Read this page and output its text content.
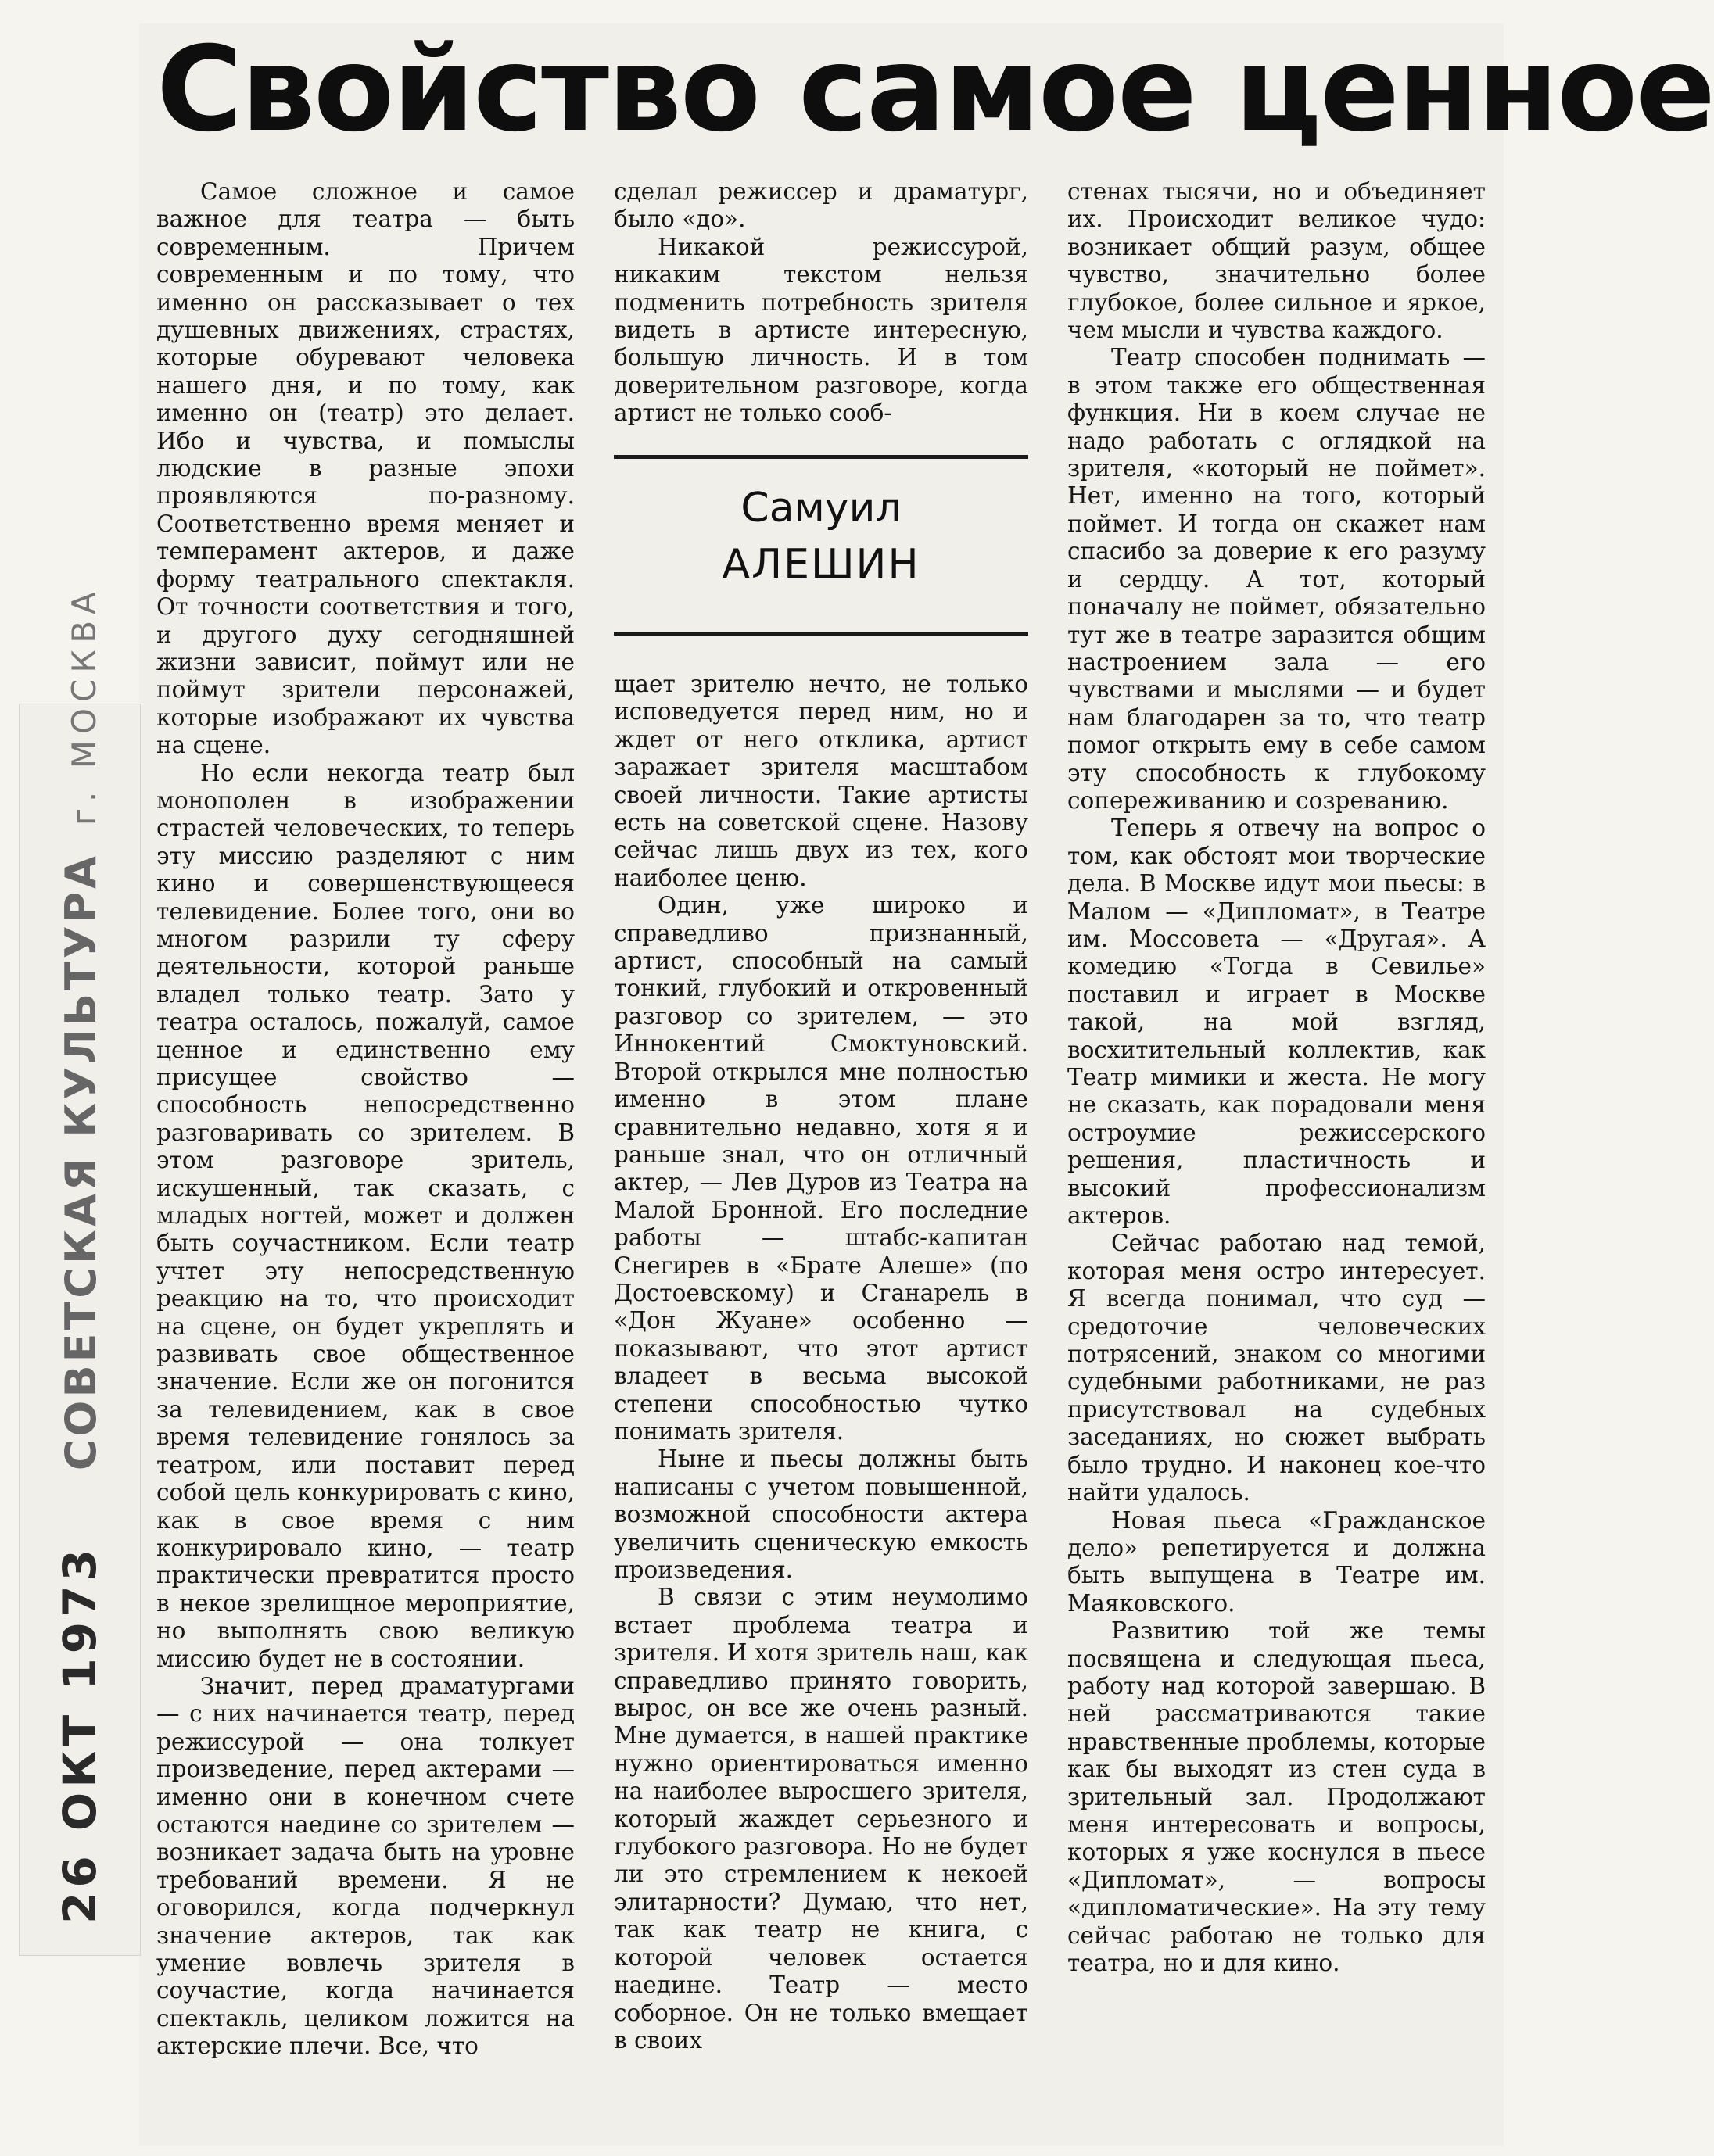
26 ОКТ 1973 СОВЕТСКАЯ КУЛЬТУРА г. МОСКВА
Свойство самое ценное

Самое сложное и самое важное для театра — быть современным. Причем современным и по тому, что именно он рассказывает о тех душевных движениях, страстях, которые обуревают человека нашего дня, и по тому, как именно он (театр) это делает. Ибо и чувства, и помыслы людские в разные эпохи проявляются по-разному. Соответственно время меняет и темперамент актеров, и даже форму театрального спектакля. От точности соответствия и того, и другого духу сегодняшней жизни зависит, поймут или не поймут зрители персонажей, которые изображают их чувства на сцене.

Но если некогда театр был монополен в изображении страстей человеческих, то теперь эту миссию разделяют с ним кино и совершенствующееся телевидение. Более того, они во многом разрили ту сферу деятельности, которой раньше владел только театр. Зато у театра осталось, пожалуй, самое ценное и единственно ему присущее свойство — способность непосредственно разговаривать со зрителем. В этом разговоре зритель, искушенный, так сказать, с младых ногтей, может и должен быть соучастником. Если театр учтет эту непосредственную реакцию на то, что происходит на сцене, он будет укреплять и развивать свое общественное значение. Если же он погонится за телевидением, как в свое время телевидение гонялось за театром, или поставит перед собой цель конкурировать с кино, как в свое время с ним конкурировало кино, — театр практически превратится просто в некое зрелищное мероприятие, но выполнять свою великую миссию будет не в состоянии.

Значит, перед драматургами — с них начинается театр, перед режиссурой — она толкует произведение, перед актерами — именно они в конечном счете остаются наедине со зрителем — возникает задача быть на уровне требований времени. Я не оговорился, когда подчеркнул значение актеров, так как умение вовлечь зрителя в соучастие, когда начинается спектакль, целиком ложится на актерские плечи. Все, что

сделал режиссер и драматург, было «до».

Никакой режиссурой, никаким текстом нельзя подменить потребность зрителя видеть в артисте интересную, большую личность. И в том доверительном разговоре, когда артист не только сооб-

Самуил
АЛЕШИН

щает зрителю нечто, не только исповедуется перед ним, но и ждет от него отклика, артист заражает зрителя масштабом своей личности. Такие артисты есть на советской сцене. Назову сейчас лишь двух из тех, кого наиболее ценю.

Один, уже широко и справедливо признанный, артист, способный на самый тонкий, глубокий и откровенный разговор со зрителем, — это Иннокентий Смоктуновский. Второй открылся мне полностью именно в этом плане сравнительно недавно, хотя я и раньше знал, что он отличный актер, — Лев Дуров из Театра на Малой Бронной. Его последние работы — штабс-капитан Снегирев в «Брате Алеше» (по Достоевскому) и Сганарель в «Дон Жуане» особенно — показывают, что этот артист владеет в весьма высокой степени способностью чутко понимать зрителя.

Ныне и пьесы должны быть написаны с учетом повышенной, возможной способности актера увеличить сценическую емкость произведения.

В связи с этим неумолимо встает проблема театра и зрителя. И хотя зритель наш, как справедливо принято говорить, вырос, он все же очень разный. Мне думается, в нашей практике нужно ориентироваться именно на наиболее выросшего зрителя, который жаждет серьезного и глубокого разговора. Но не будет ли это стремлением к некоей элитарности? Думаю, что нет, так как театр не книга, с которой человек остается наедине. Театр — место соборное. Он не только вмещает в своих

стенах тысячи, но и объединяет их. Происходит великое чудо: возникает общий разум, общее чувство, значительно более глубокое, более сильное и яркое, чем мысли и чувства каждого.

Театр способен поднимать — в этом также его общественная функция. Ни в коем случае не надо работать с оглядкой на зрителя, «который не поймет». Нет, именно на того, который поймет. И тогда он скажет нам спасибо за доверие к его разуму и сердцу. А тот, который поначалу не поймет, обязательно тут же в театре заразится общим настроением зала — его чувствами и мыслями — и будет нам благодарен за то, что театр помог открыть ему в себе самом эту способность к глубокому сопереживанию и созреванию.

Теперь я отвечу на вопрос о том, как обстоят мои творческие дела. В Москве идут мои пьесы: в Малом — «Дипломат», в Театре им. Моссовета — «Другая». А комедию «Тогда в Севилье» поставил и играет в Москве такой, на мой взгляд, восхитительный коллектив, как Театр мимики и жеста. Не могу не сказать, как порадовали меня остроумие режиссерского решения, пластичность и высокий профессионализм актеров.

Сейчас работаю над темой, которая меня остро интересует. Я всегда понимал, что суд — средоточие человеческих потрясений, знаком со многими судебными работниками, не раз присутствовал на судебных заседаниях, но сюжет выбрать было трудно. И наконец кое-что найти удалось.

Новая пьеса «Гражданское дело» репетируется и должна быть выпущена в Театре им. Маяковского.

Развитию той же темы посвящена и следующая пьеса, работу над которой завершаю. В ней рассматриваются такие нравственные проблемы, которые как бы выходят из стен суда в зрительный зал. Продолжают меня интересовать и вопросы, которых я уже коснулся в пьесе «Дипломат», — вопросы «дипломатические». На эту тему сейчас работаю не только для театра, но и для кино.
